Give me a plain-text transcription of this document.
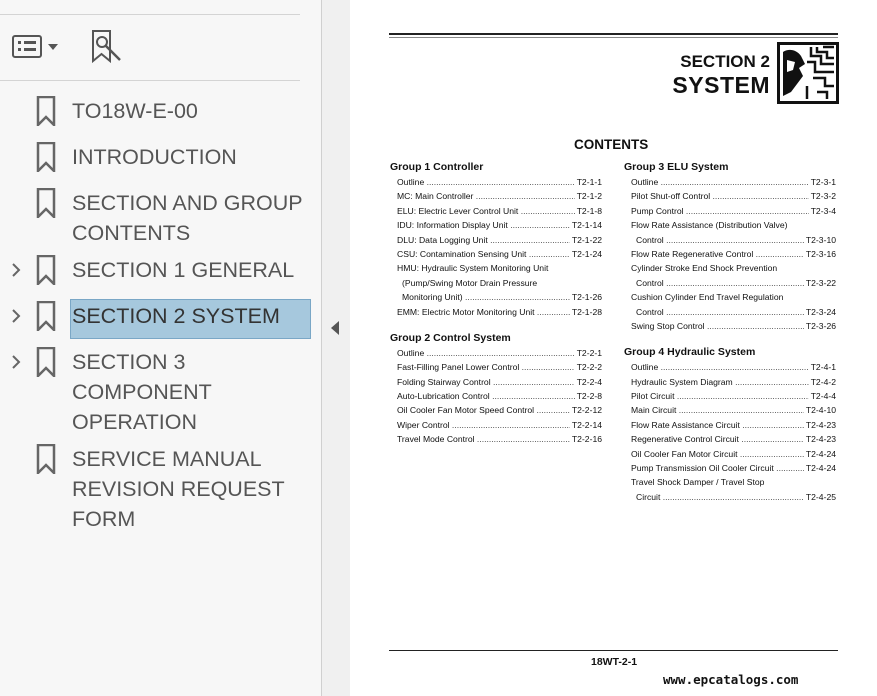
TO18W-E-00
INTRODUCTION
SECTION AND GROUP
CONTENTS
SECTION 1 GENERAL
SECTION 2 SYSTEM
SECTION 3
COMPONENT
OPERATION
SERVICE MANUAL
REVISION REQUEST
FORM
SECTION 2
SYSTEM
CONTENTS
Group 1 Controller
Outline .....	T2-1-1
MC: Main Controller .....	T2-1-2
ELU: Electric Lever Control Unit .....	T2-1-8
IDU: Information Display Unit .....	T2-1-14
DLU: Data Logging Unit .....	T2-1-22
CSU: Contamination Sensing Unit .....	T2-1-24
HMU: Hydraulic System Monitoring Unit
(Pump/Swing Motor Drain Pressure
Monitoring Unit) .....	T2-1-26
EMM: Electric Motor Monitoring Unit .....	T2-1-28
Group 2 Control System
Outline .....	T2-2-1
Fast-Filling Panel Lower Control .....	T2-2-2
Folding Stairway Control .....	T2-2-4
Auto-Lubrication Control .....	T2-2-8
Oil Cooler Fan Motor Speed Control .....	T2-2-12
Wiper Control .....	T2-2-14
Travel Mode Control .....	T2-2-16
Group 3 ELU System
Outline .....	T2-3-1
Pilot Shut-off Control .....	T2-3-2
Pump Control .....	T2-3-4
Flow Rate Assistance (Distribution Valve)
Control .....	T2-3-10
Flow Rate Regenerative Control .....	T2-3-16
Cylinder Stroke End Shock Prevention
Control .....	T2-3-22
Cushion Cylinder End Travel Regulation
Control .....	T2-3-24
Swing Stop Control .....	T2-3-26
Group 4 Hydraulic System
Outline .....	T2-4-1
Hydraulic System Diagram .....	T2-4-2
Pilot Circuit .....	T2-4-4
Main Circuit .....	T2-4-10
Flow Rate Assistance Circuit .....	T2-4-23
Regenerative Control Circuit .....	T2-4-23
Oil Cooler Fan Motor Circuit .....	T2-4-24
Pump Transmission Oil Cooler Circuit .....	T2-4-24
Travel Shock Damper / Travel Stop
Circuit .....	T2-4-25
18WT-2-1
www.epcatalogs.com
